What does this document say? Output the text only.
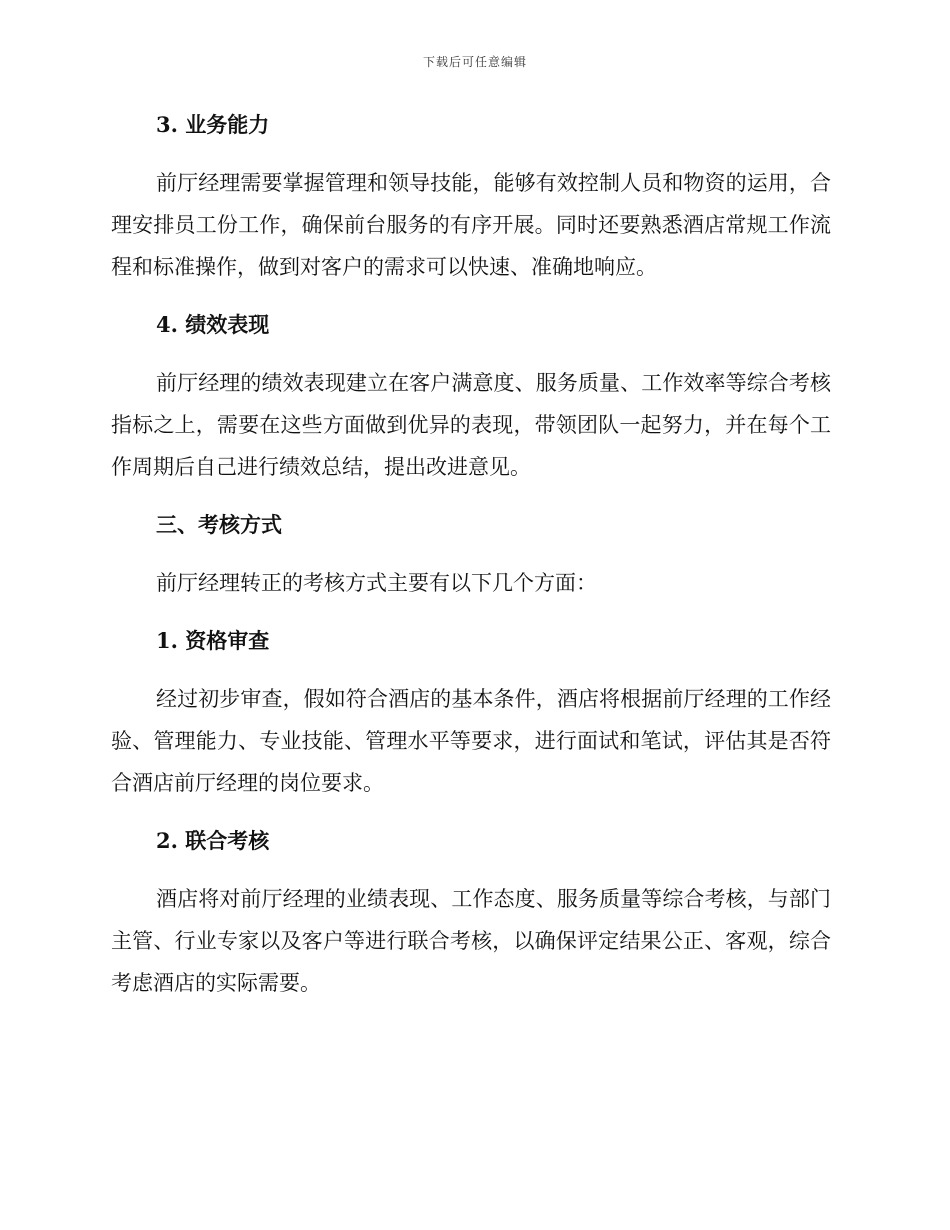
下载后可任意编辑
3. 业务能力
前厅经理需要掌握管理和领导技能，能够有效控制人员和物资的运用，合理安排员工份工作，确保前台服务的有序开展。同时还要熟悉酒店常规工作流程和标准操作，做到对客户的需求可以快速、准确地响应。
4. 绩效表现
前厅经理的绩效表现建立在客户满意度、服务质量、工作效率等综合考核指标之上，需要在这些方面做到优异的表现，带领团队一起努力，并在每个工作周期后自己进行绩效总结，提出改进意见。
三、考核方式
前厅经理转正的考核方式主要有以下几个方面：
1. 资格审查
经过初步审查，假如符合酒店的基本条件，酒店将根据前厅经理的工作经验、管理能力、专业技能、管理水平等要求，进行面试和笔试，评估其是否符合酒店前厅经理的岗位要求。
2. 联合考核
酒店将对前厅经理的业绩表现、工作态度、服务质量等综合考核，与部门主管、行业专家以及客户等进行联合考核，以确保评定结果公正、客观，综合考虑酒店的实际需要。
